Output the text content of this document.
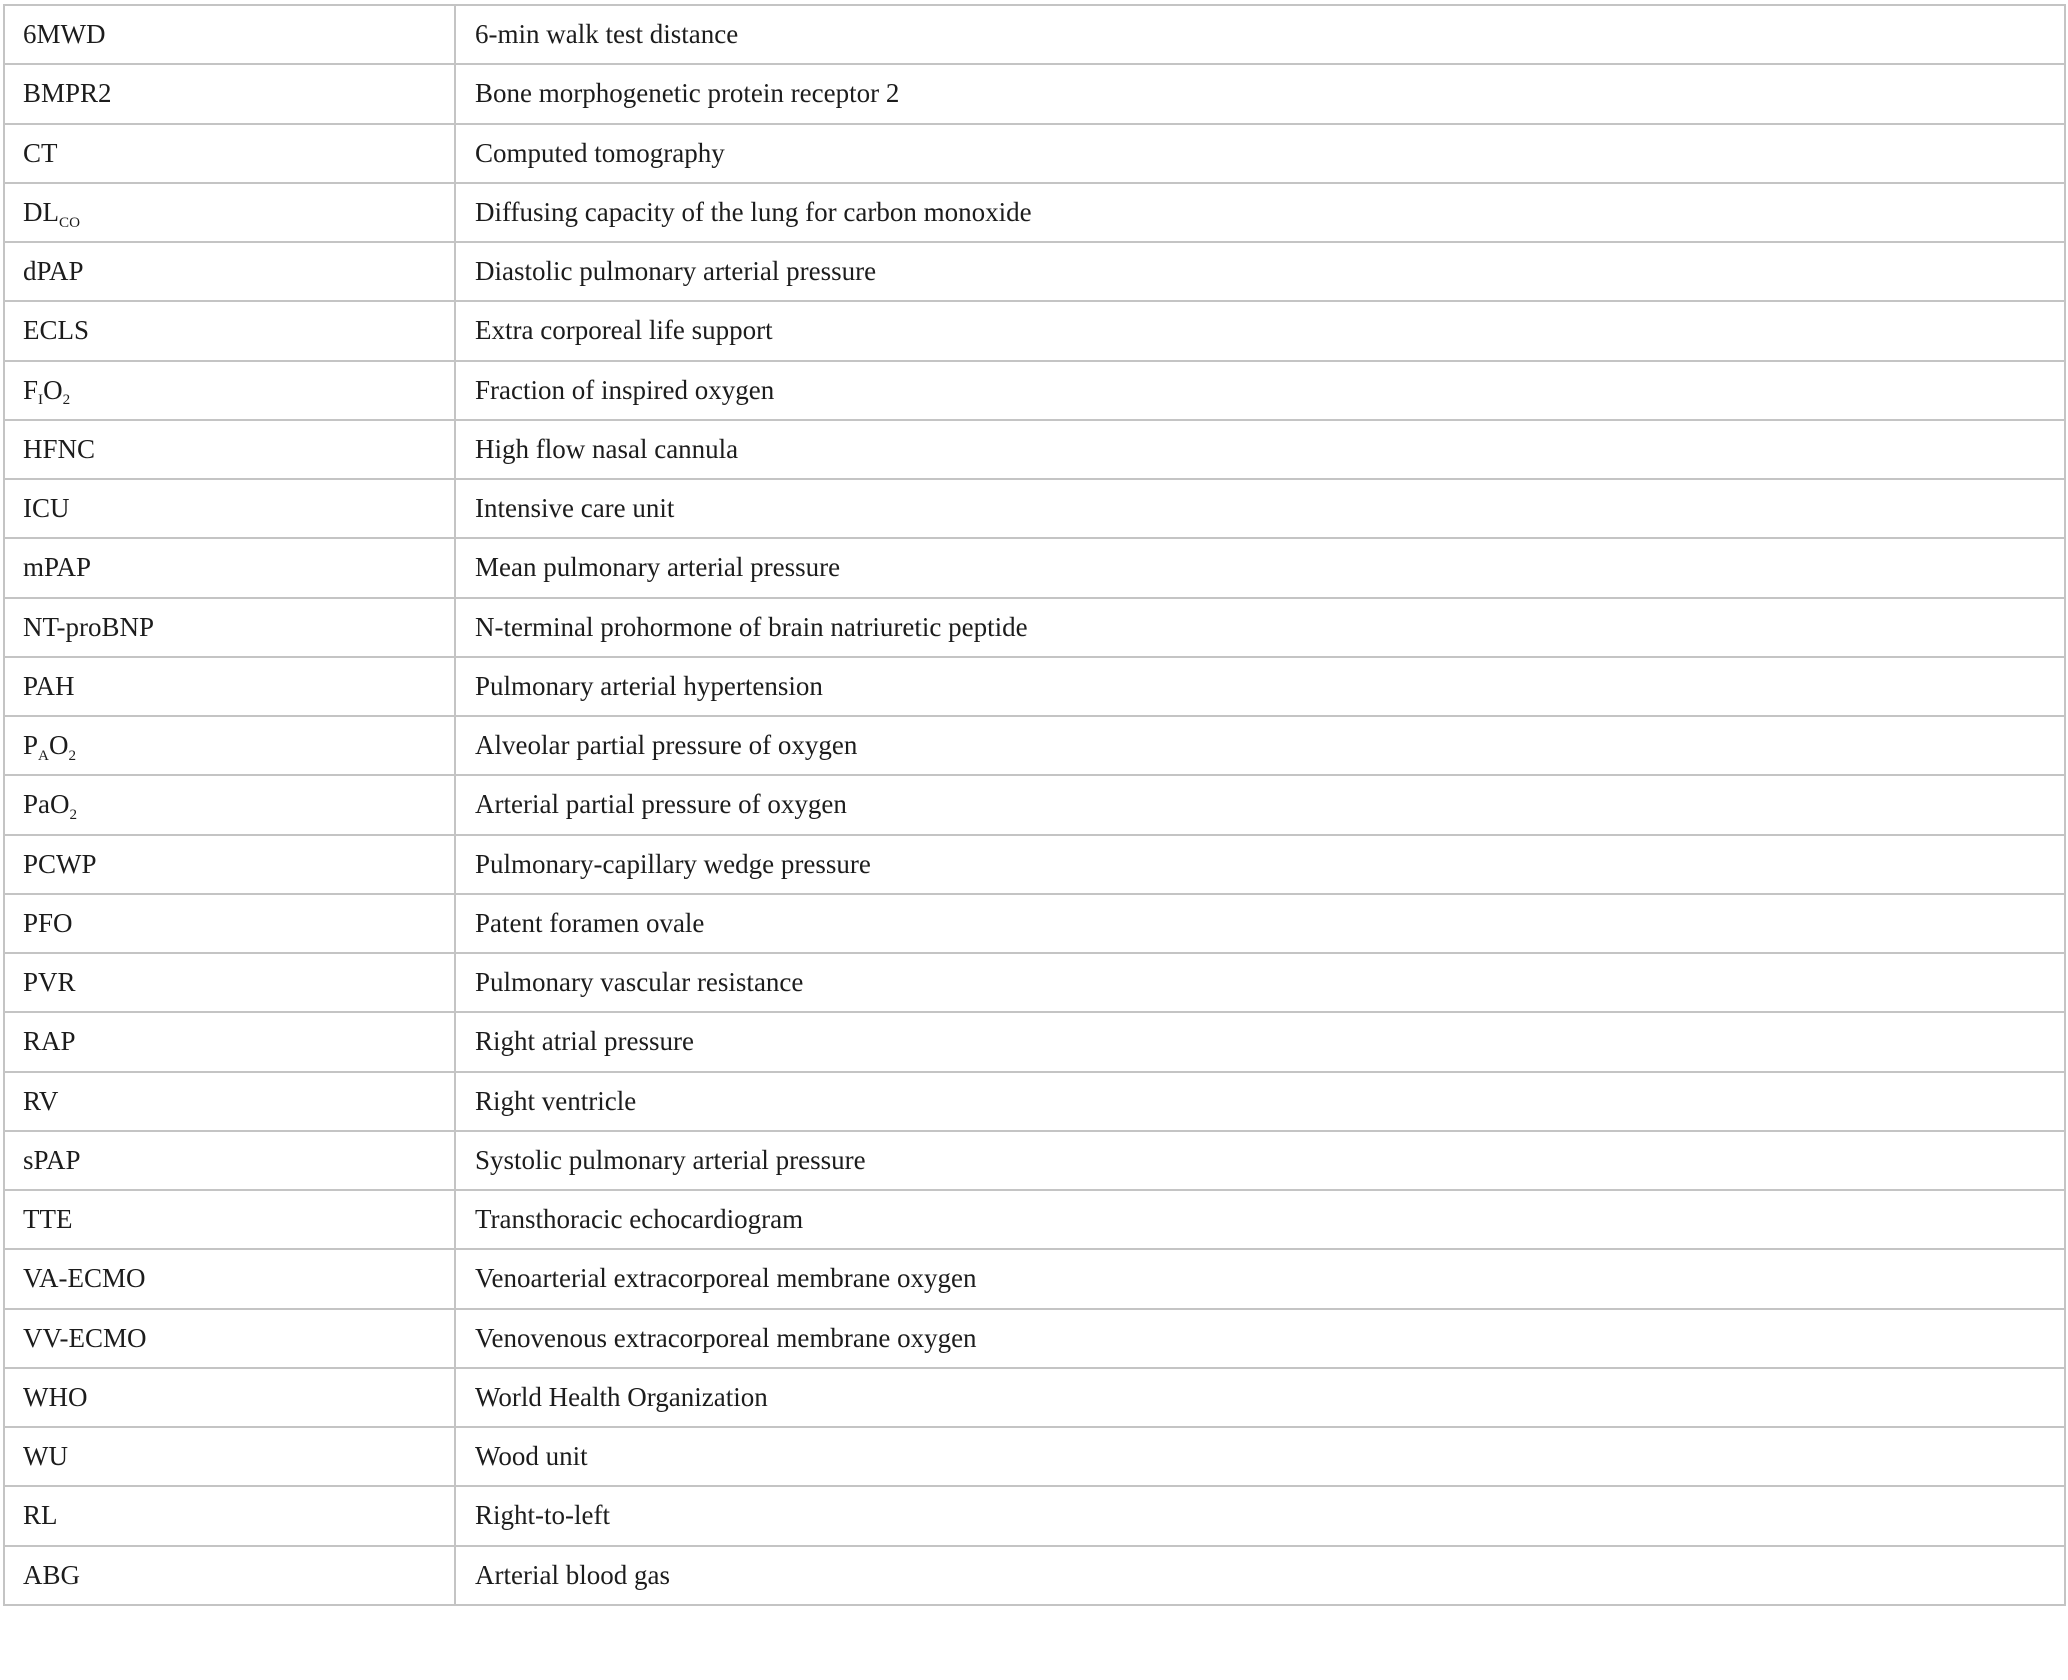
6MWD	6-min walk test distance
BMPR2	Bone morphogenetic protein receptor 2
CT	Computed tomography
$DL_{CO}$	Diffusing capacity of the lung for carbon monoxide
dPAP	Diastolic pulmonary arterial pressure
ECLS	Extra corporeal life support
$F_IO_2$	Fraction of inspired oxygen
HFNC	High flow nasal cannula
ICU	Intensive care unit
mPAP	Mean pulmonary arterial pressure
NT-proBNP	N-terminal prohormone of brain natriuretic peptide
PAH	Pulmonary arterial hypertension
$P_AO_2$	Alveolar partial pressure of oxygen
PaO$_2$	Arterial partial pressure of oxygen
PCWP	Pulmonary-capillary wedge pressure
PFO	Patent foramen ovale
PVR	Pulmonary vascular resistance
RAP	Right atrial pressure
RV	Right ventricle
sPAP	Systolic pulmonary arterial pressure
TTE	Transthoracic echocardiogram
VA-ECMO	Venoarterial extracorporeal membrane oxygen
VV-ECMO	Venovenous extracorporeal membrane oxygen
WHO	World Health Organization
WU	Wood unit
RL	Right-to-left
ABG	Arterial blood gas
